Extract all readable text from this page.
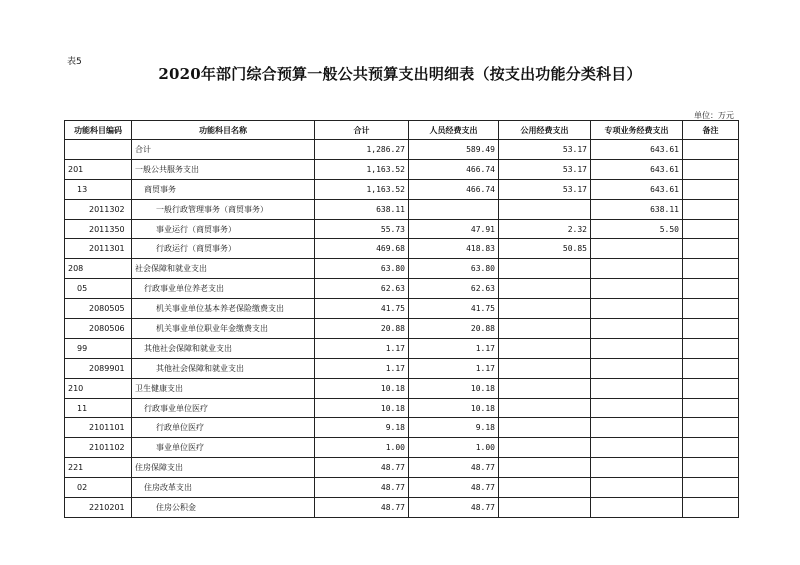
表5
2020年部门综合预算一般公共预算支出明细表（按支出功能分类科目）
单位：万元
功能科目编码	功能科目名称	合计	人员经费支出	公用经费支出	专项业务经费支出	备注
	合计	1,286.27	589.49	53.17	643.61	
201	一般公共服务支出	1,163.52	466.74	53.17	643.61	
13	商贸事务	1,163.52	466.74	53.17	643.61	
2011302	一般行政管理事务（商贸事务）	638.11			638.11	
2011350	事业运行（商贸事务）	55.73	47.91	2.32	5.50	
2011301	行政运行（商贸事务）	469.68	418.83	50.85		
208	社会保障和就业支出	63.80	63.80			
05	行政事业单位养老支出	62.63	62.63			
2080505	机关事业单位基本养老保险缴费支出	41.75	41.75			
2080506	机关事业单位职业年金缴费支出	20.88	20.88			
99	其他社会保障和就业支出	1.17	1.17			
2089901	其他社会保障和就业支出	1.17	1.17			
210	卫生健康支出	10.18	10.18			
11	行政事业单位医疗	10.18	10.18			
2101101	行政单位医疗	9.18	9.18			
2101102	事业单位医疗	1.00	1.00			
221	住房保障支出	48.77	48.77			
02	住房改革支出	48.77	48.77			
2210201	住房公积金	48.77	48.77			
